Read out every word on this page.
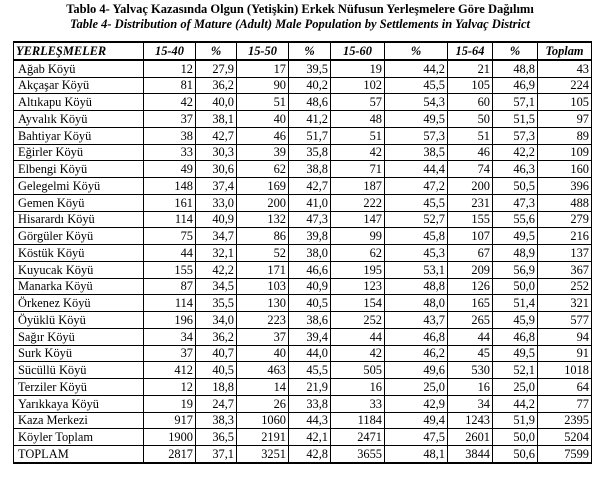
Tablo 4- Yalvaç Kazasında Olgun (Yetişkin) Erkek Nüfusun Yerleşmelere Göre Dağılımı
Table 4- Distribution of Mature (Adult) Male Population by Settlements in Yalvaç District
YERLEŞMELER	15-40	%	15-50	%	15-60	%	15-64	%	Toplam
Ağab Köyü	12	27,9	17	39,5	19	44,2	21	48,8	43
Akçaşar Köyü	81	36,2	90	40,2	102	45,5	105	46,9	224
Altıkapu Köyü	42	40,0	51	48,6	57	54,3	60	57,1	105
Ayvalık Köyü	37	38,1	40	41,2	48	49,5	50	51,5	97
Bahtiyar Köyü	38	42,7	46	51,7	51	57,3	51	57,3	89
Eğirler Köyü	33	30,3	39	35,8	42	38,5	46	42,2	109
Elbengi Köyü	49	30,6	62	38,8	71	44,4	74	46,3	160
Gelegelmi Köyü	148	37,4	169	42,7	187	47,2	200	50,5	396
Gemen Köyü	161	33,0	200	41,0	222	45,5	231	47,3	488
Hisarardı Köyü	114	40,9	132	47,3	147	52,7	155	55,6	279
Görgüler Köyü	75	34,7	86	39,8	99	45,8	107	49,5	216
Köstük Köyü	44	32,1	52	38,0	62	45,3	67	48,9	137
Kuyucak Köyü	155	42,2	171	46,6	195	53,1	209	56,9	367
Manarka Köyü	87	34,5	103	40,9	123	48,8	126	50,0	252
Örkenez Köyü	114	35,5	130	40,5	154	48,0	165	51,4	321
Öyüklü Köyü	196	34,0	223	38,6	252	43,7	265	45,9	577
Sağır Köyü	34	36,2	37	39,4	44	46,8	44	46,8	94
Surk Köyü	37	40,7	40	44,0	42	46,2	45	49,5	91
Sücüllü Köyü	412	40,5	463	45,5	505	49,6	530	52,1	1018
Terziler Köyü	12	18,8	14	21,9	16	25,0	16	25,0	64
Yarıkkaya Köyü	19	24,7	26	33,8	33	42,9	34	44,2	77
Kaza Merkezi	917	38,3	1060	44,3	1184	49,4	1243	51,9	2395
Köyler Toplam	1900	36,5	2191	42,1	2471	47,5	2601	50,0	5204
TOPLAM	2817	37,1	3251	42,8	3655	48,1	3844	50,6	7599
